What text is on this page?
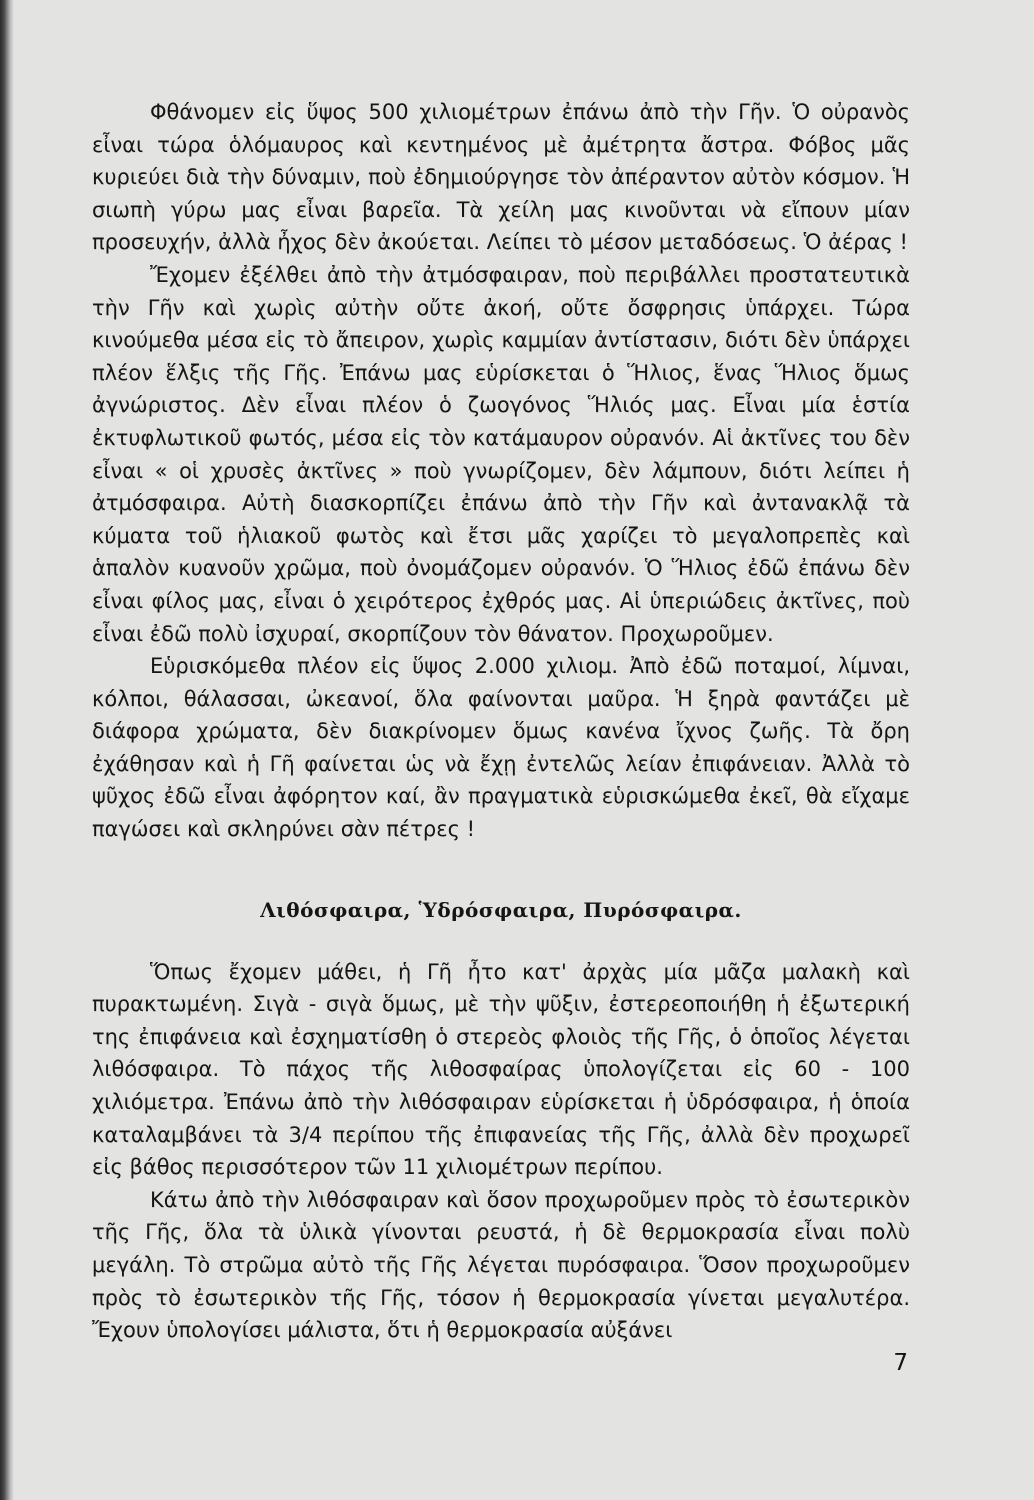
Φθάνομεν εἰς ὕψος 500 χιλιομέτρων ἐπάνω ἀπὸ τὴν Γῆν. Ὁ οὐρανὸς εἶναι τώρα ὁλόμαυρος καὶ κεντημένος μὲ ἀμέτρητα ἄστρα. Φόβος μᾶς κυριεύει διὰ τὴν δύναμιν, ποὺ ἐδημιούργησε τὸν ἀπέραντον αὐτὸν κόσμον. Ἡ σιωπὴ γύρω μας εἶναι βαρεῖα. Τὰ χείλη μας κινοῦνται νὰ εἴπουν μίαν προσευχήν, ἀλλὰ ἦχος δὲν ἀκούεται. Λείπει τὸ μέσον μεταδόσεως. Ὁ ἀέρας !

Ἔχομεν ἐξέλθει ἀπὸ τὴν ἀτμόσφαιραν, ποὺ περιβάλλει προστατευτικὰ τὴν Γῆν καὶ χωρὶς αὐτὴν οὔτε ἀκοή, οὔτε ὄσφρησις ὑπάρχει. Τώρα κινούμεθα μέσα εἰς τὸ ἄπειρον, χωρὶς καμμίαν ἀντίστασιν, διότι δὲν ὑπάρχει πλέον ἕλξις τῆς Γῆς. Ἐπάνω μας εὑρίσκεται ὁ Ἥλιος, ἕνας Ἥλιος ὅμως ἀγνώριστος. Δὲν εἶναι πλέον ὁ ζωογόνος Ἥλιός μας. Εἶναι μία ἑστία ἐκτυφλωτικοῦ φωτός, μέσα εἰς τὸν κατάμαυρον οὐρανόν. Αἱ ἀκτῖνες του δὲν εἶναι « οἱ χρυσὲς ἀκτῖνες » ποὺ γνωρίζομεν, δὲν λάμπουν, διότι λείπει ἡ ἀτμόσφαιρα. Αὐτὴ διασκορπίζει ἐπάνω ἀπὸ τὴν Γῆν καὶ ἀντανακλᾷ τὰ κύματα τοῦ ἡλιακοῦ φωτὸς καὶ ἔτσι μᾶς χαρίζει τὸ μεγαλοπρεπὲς καὶ ἁπαλὸν κυανοῦν χρῶμα, ποὺ ὀνομάζομεν οὐρανόν. Ὁ Ἥλιος ἐδῶ ἐπάνω δὲν εἶναι φίλος μας, εἶναι ὁ χειρότερος ἐχθρός μας. Αἱ ὑπεριώδεις ἀκτῖνες, ποὺ εἶναι ἐδῶ πολὺ ἰσχυραί, σκορπίζουν τὸν θάνατον. Προχωροῦμεν.

Εὑρισκόμεθα πλέον εἰς ὕψος 2.000 χιλιομ. Ἀπὸ ἐδῶ ποταμοί, λίμναι, κόλποι, θάλασσαι, ὠκεανοί, ὅλα φαίνονται μαῦρα. Ἡ ξηρὰ φαντάζει μὲ διάφορα χρώματα, δὲν διακρίνομεν ὅμως κανένα ἴχνος ζωῆς. Τὰ ὄρη ἐχάθησαν καὶ ἡ Γῆ φαίνεται ὡς νὰ ἔχῃ ἐντελῶς λείαν ἐπιφάνειαν. Ἀλλὰ τὸ ψῦχος ἐδῶ εἶναι ἀφόρητον καί, ἂν πραγματικὰ εὑρισκώμεθα ἐκεῖ, θὰ εἴχαμε παγώσει καὶ σκληρύνει σὰν πέτρες !

Λιθόσφαιρα, Ὑδρόσφαιρα, Πυρόσφαιρα.

Ὅπως ἔχομεν μάθει, ἡ Γῆ ἦτο κατ' ἀρχὰς μία μᾶζα μαλακὴ καὶ πυρακτωμένη. Σιγὰ - σιγὰ ὅμως, μὲ τὴν ψῦξιν, ἐστερεοποιήθη ἡ ἐξωτερική της ἐπιφάνεια καὶ ἐσχηματίσθη ὁ στερεὸς φλοιὸς τῆς Γῆς, ὁ ὁποῖος λέγεται λιθόσφαιρα. Τὸ πάχος τῆς λιθοσφαίρας ὑπολογίζεται εἰς 60 - 100 χιλιόμετρα. Ἐπάνω ἀπὸ τὴν λιθόσφαιραν εὑρίσκεται ἡ ὑδρόσφαιρα, ἡ ὁποία καταλαμβάνει τὰ 3/4 περίπου τῆς ἐπιφανείας τῆς Γῆς, ἀλλὰ δὲν προχωρεῖ εἰς βάθος περισσότερον τῶν 11 χιλιομέτρων περίπου.

Κάτω ἀπὸ τὴν λιθόσφαιραν καὶ ὅσον προχωροῦμεν πρὸς τὸ ἐσωτερικὸν τῆς Γῆς, ὅλα τὰ ὑλικὰ γίνονται ρευστά, ἡ δὲ θερμοκρασία εἶναι πολὺ μεγάλη. Τὸ στρῶμα αὐτὸ τῆς Γῆς λέγεται πυρόσφαιρα. Ὅσον προχωροῦμεν πρὸς τὸ ἐσωτερικὸν τῆς Γῆς, τόσον ἡ θερμοκρασία γίνεται μεγαλυτέρα. Ἔχουν ὑπολογίσει μάλιστα, ὅτι ἡ θερμοκρασία αὐξάνει

7
